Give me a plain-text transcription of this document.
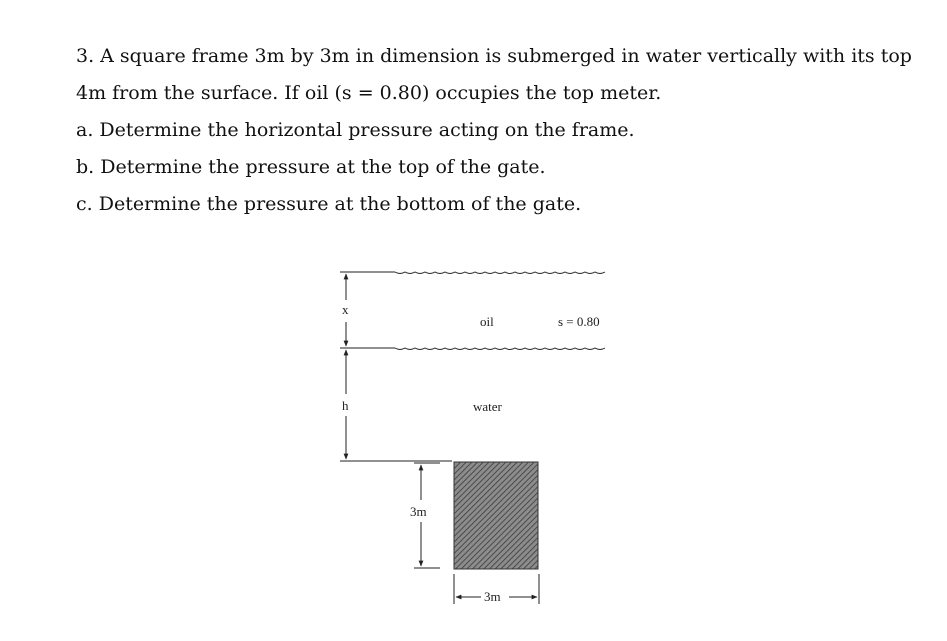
3. A square frame 3m by 3m in dimension is submerged in water vertically with its top

4m from the surface. If oil (s = 0.80) occupies the top meter.

a. Determine the horizontal pressure acting on the frame.

b. Determine the pressure at the top of the gate.

c. Determine the pressure at the bottom of the gate.

x
h
oil	s = 0.80
water
3m
3m
